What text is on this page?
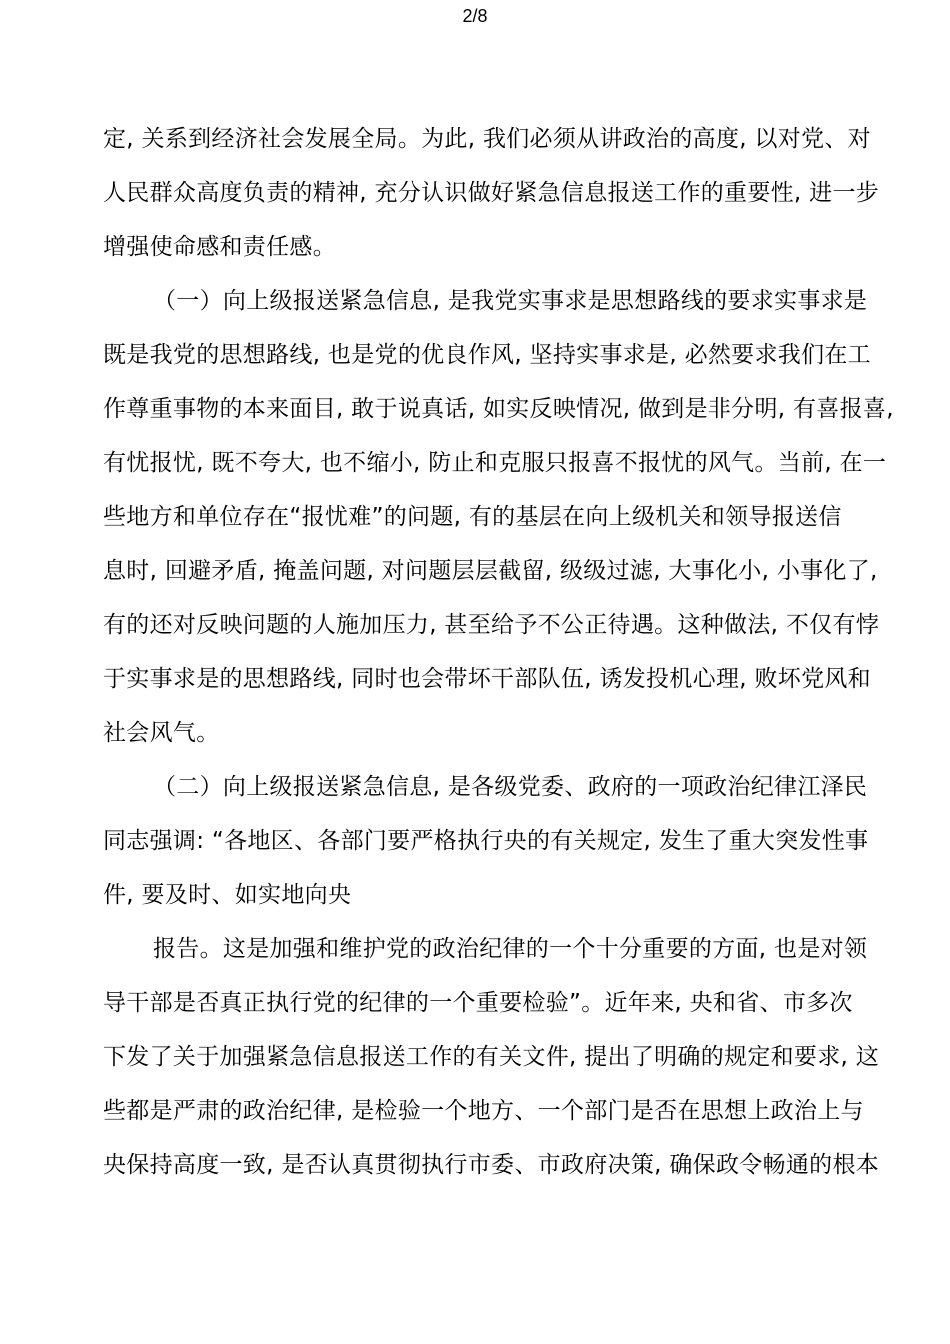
2/8
定, 关系到经济社会发展全局。为此, 我们必须从讲政治的高度, 以对党、对
人民群众高度负责的精神, 充分认识做好紧急信息报送工作的重要性, 进一步
增强使命感和责任感。
（一）向上级报送紧急信息, 是我党实事求是思想路线的要求实事求是
既是我党的思想路线, 也是党的优良作风, 坚持实事求是, 必然要求我们在工
作尊重事物的本来面目, 敢于说真话, 如实反映情况, 做到是非分明, 有喜报喜,
有忧报忧, 既不夸大, 也不缩小, 防止和克服只报喜不报忧的风气。当前, 在一
些地方和单位存在“报忧难”的问题, 有的基层在向上级机关和领导报送信
息时, 回避矛盾, 掩盖问题, 对问题层层截留, 级级过滤, 大事化小, 小事化了,
有的还对反映问题的人施加压力, 甚至给予不公正待遇。这种做法, 不仅有悖
于实事求是的思想路线, 同时也会带坏干部队伍, 诱发投机心理, 败坏党风和
社会风气。
（二）向上级报送紧急信息, 是各级党委、政府的一项政治纪律江泽民
同志强调: “各地区、各部门要严格执行央的有关规定, 发生了重大突发性事
件, 要及时、如实地向央
报告。这是加强和维护党的政治纪律的一个十分重要的方面, 也是对领
导干部是否真正执行党的纪律的一个重要检验”。近年来, 央和省、市多次
下发了关于加强紧急信息报送工作的有关文件, 提出了明确的规定和要求, 这
些都是严肃的政治纪律, 是检验一个地方、一个部门是否在思想上政治上与
央保持高度一致, 是否认真贯彻执行市委、市政府决策, 确保政令畅通的根本
